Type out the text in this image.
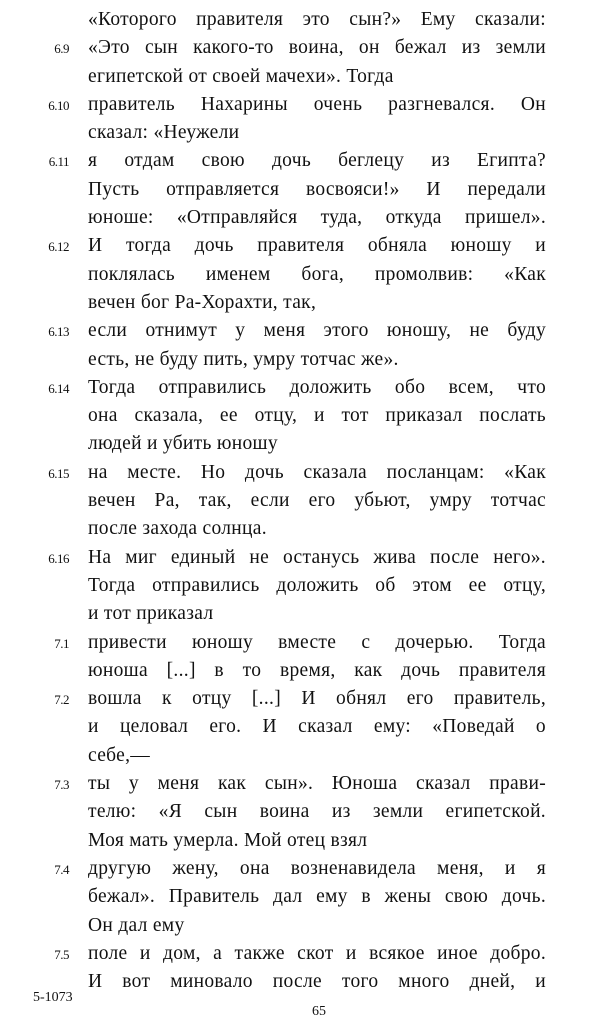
«Которого правителя это сын?» Ему сказали:
6.9 «Это сын какого-то воина, он бежал из земли
египетской от своей мачехи». Тогда
6.10 правитель Нахарины очень разгневался. Он
сказал: «Неужели
6.11 я отдам свою дочь беглецу из Египта?
Пусть отправляется восвояси!» И передали
юноше: «Отправляйся туда, откуда пришел».
6.12 И тогда дочь правителя обняла юношу и
поклялась именем бога, промолвив: «Как
вечен бог Ра-Хорахти, так,
6.13 если отнимут у меня этого юношу, не буду
есть, не буду пить, умру тотчас же».
6.14 Тогда отправились доложить обо всем, что
она сказала, ее отцу, и тот приказал послать
людей и убить юношу
6.15 на месте. Но дочь сказала посланцам: «Как
вечен Ра, так, если его убьют, умру тотчас
после захода солнца.
6.16 На миг единый не останусь жива после него».
Тогда отправились доложить об этом ее отцу,
и тот приказал
7.1 привести юношу вместе с дочерью. Тогда
юноша [...] в то время, как дочь правителя
7.2 вошла к отцу [...] И обнял его правитель,
и целовал его. И сказал ему: «Поведай о
себе,—
7.3 ты у меня как сын». Юноша сказал прави-
телю: «Я сын воина из земли египетской.
Моя мать умерла. Мой отец взял
7.4 другую жену, она возненавидела меня, и я
бежал». Правитель дал ему в жены свою дочь.
Он дал ему
7.5 поле и дом, а также скот и всякое иное добро.
И вот миновало после того много дней, и
5-1073
65
